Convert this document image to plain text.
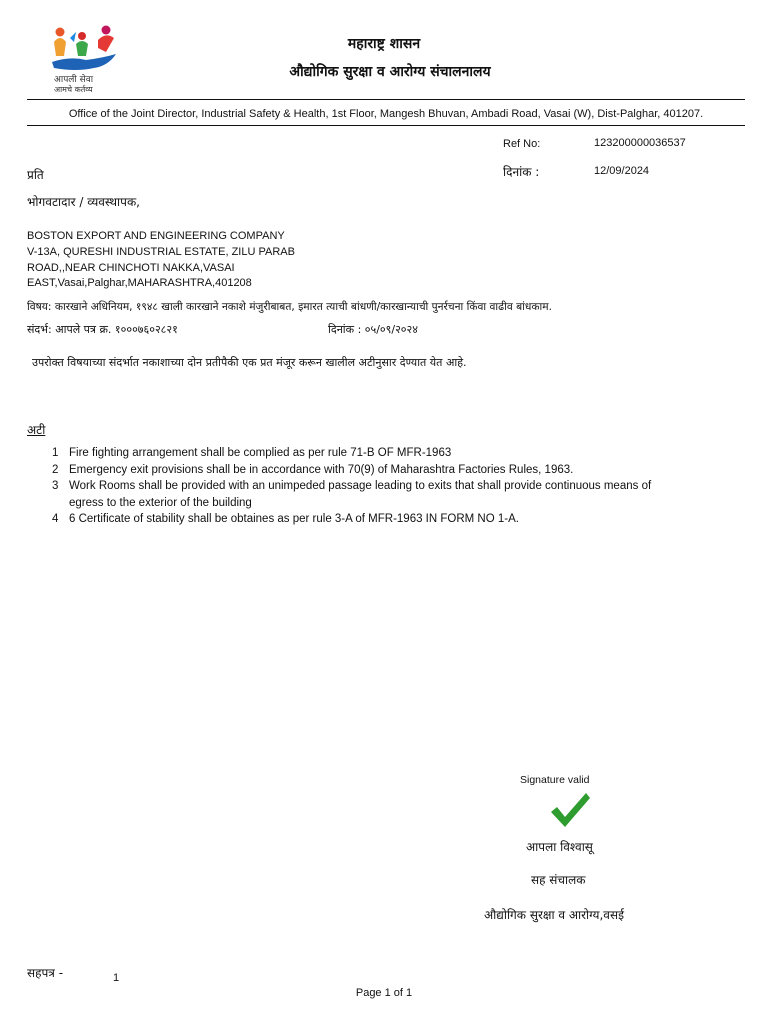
आपली सेवा
आमचे कर्तव्य
महाराष्ट्र शासन
औद्योगिक सुरक्षा व आरोग्य संचालनालय
Office of the Joint Director, Industrial Safety & Health, 1st Floor, Mangesh Bhuvan, Ambadi Road, Vasai (W), Dist-Palghar, 401207.
Ref No:	123200000036537
दिनांक :	12/09/2024
प्रति
भोगवटादार / व्यवस्थापक,
BOSTON EXPORT AND ENGINEERING COMPANY
V-13A, QURESHI INDUSTRIAL ESTATE, ZILU PARAB
ROAD,,NEAR CHINCHOTI NAKKA,VASAI
EAST,Vasai,Palghar,MAHARASHTRA,401208
विषय: कारखाने अधिनियम, १९४८ खाली कारखाने नकाशे मंजुरीबाबत, इमारत त्याची बांधणी/कारखान्याची पुनर्रचना किंवा वाढीव बांधकाम.
संदर्भ: आपले पत्र क्र. १०००७६०२८२१	दिनांक : ०५/०९/२०२४
उपरोक्त विषयाच्या संदर्भात नकाशाच्या दोन प्रतीपैकी एक प्रत मंजूर करून खालील अटीनुसार देण्यात येत आहे.
अटी
1 Fire fighting arrangement shall be complied as per rule 71-B OF MFR-1963
2 Emergency exit provisions shall be in accordance with 70(9) of Maharashtra Factories Rules, 1963.
3 Work Rooms shall be provided with an unimpeded passage leading to exits that shall provide continuous means of egress to the exterior of the building
4 6 Certificate of stability shall be obtaines as per rule 3-A of MFR-1963 IN FORM NO 1-A.
Signature valid
आपला विश्वासू
सह संचालक
औद्योगिक सुरक्षा व आरोग्य,वसई
सहपत्र -	1
Page 1 of 1
